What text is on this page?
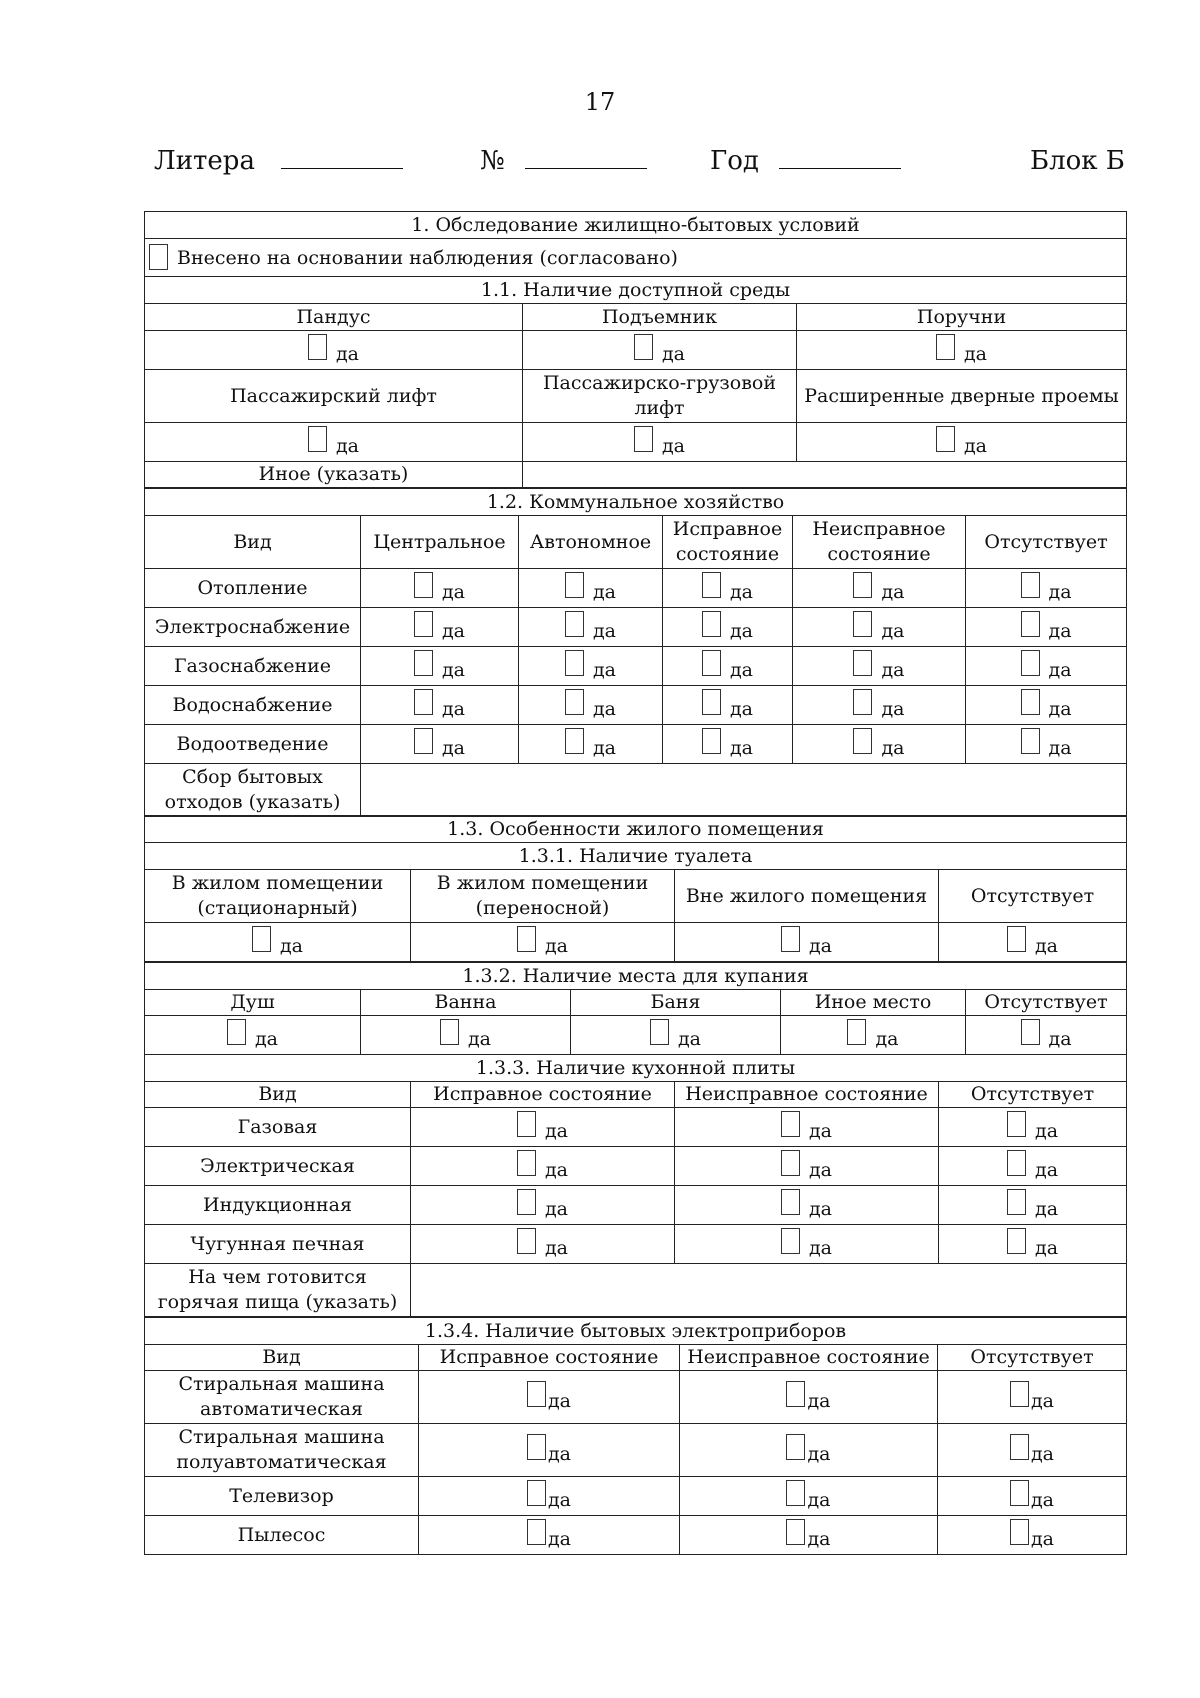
17
Литера	№	Год	Блок Б
1. Обследование жилищно-бытовых условий		
Внесено на основании наблюдения (согласовано)		
1.1. Наличие доступной среды		
Пандус	Подъемник	Поручни
да	да	да
Пассажирский лифт	Пассажирско-грузовой лифт	Расширенные дверные проемы
да	да	да
Иное (указать)		
1.2. Коммунальное хозяйство					
Вид	Центральное	Автономное	Исправное состояние	Неисправное состояние	Отсутствует
Отопление	да	да	да	да	да
Электроснабжение	да	да	да	да	да
Газоснабжение	да	да	да	да	да
Водоснабжение	да	да	да	да	да
Водоотведение	да	да	да	да	да
Сбор бытовых отходов (указать)					
1.3. Особенности жилого помещения			
1.3.1. Наличие туалета			
В жилом помещении (стационарный)	В жилом помещении (переносной)	Вне жилого помещения	Отсутствует
да	да	да	да
1.3.2. Наличие места для купания				
Душ	Ванна	Баня	Иное место	Отсутствует
да	да	да	да	да
1.3.3. Наличие кухонной плиты			
Вид	Исправное состояние	Неисправное состояние	Отсутствует
Газовая	да	да	да
Электрическая	да	да	да
Индукционная	да	да	да
Чугунная печная	да	да	да
На чем готовится горячая пища (указать)			
1.3.4. Наличие бытовых электроприборов			
Вид	Исправное состояние	Неисправное состояние	Отсутствует
Стиральная машина автоматическая	да	да	да
Стиральная машина полуавтоматическая	да	да	да
Телевизор	да	да	да
Пылесос	да	да	да
